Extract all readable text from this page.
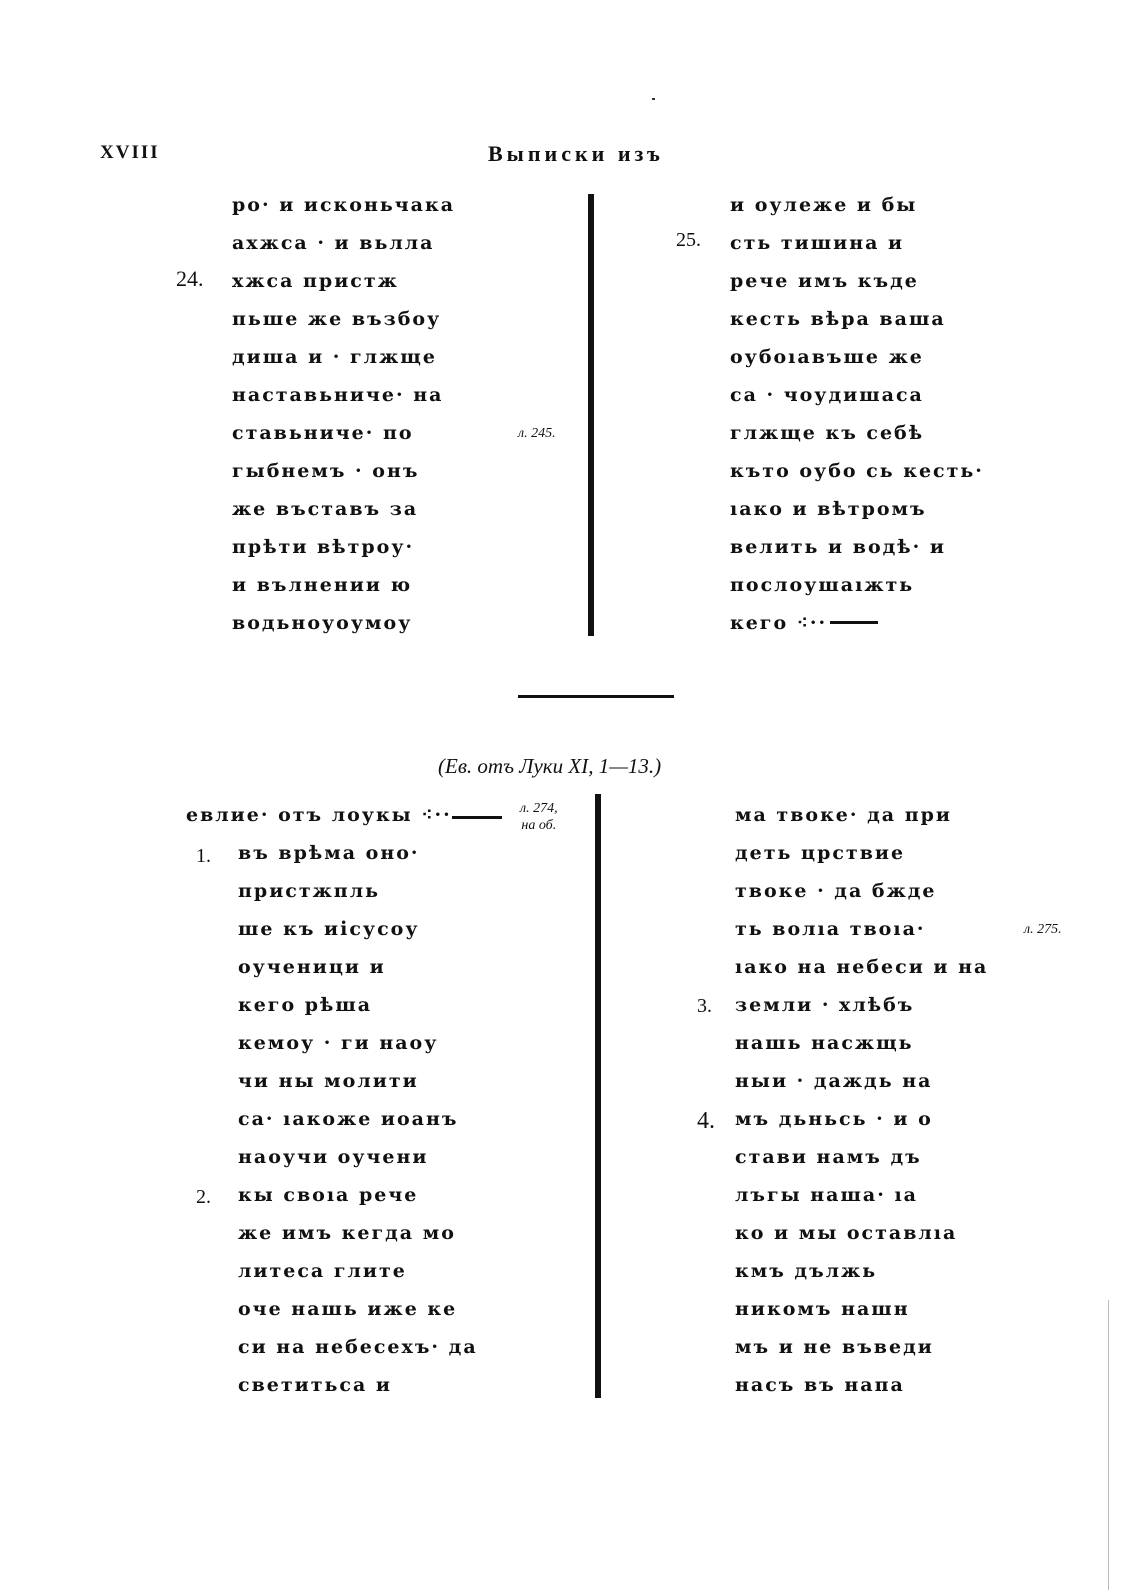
XVIII	Выписки изъ
24.
25.
л. 245.
ро· и исконьчака
ахжса · и вьлла
хжса пристж
пьше же възбоу
диша и · глжще
наставьниче· на
ставьниче· по
гыбнемъ · онъ
же въставъ за
прѣти вѣтроу·
и вълнении ю
водьноуоумоу
и оулеже и бы
сть тишина и
рече имъ къде
кесть вѣра ваша
оубоıавъше же
са · чоудишаса
глжще къ себѣ
къто оубо сь кесть·
ıако и вѣтромъ
велить и водѣ· и
послоушаıжть
кего ⁖··
(Ев. отъ Луки XI, 1—13.)
л. 274,
на об.
л. 275.
1.
2.
3.
4.
евлие· отъ лоукы ⁖··
въ врѣма оно·
приcтжпль
ше къ иісусоу
оученици и
кего рѣша
кемоу · ги наоу
чи ны молити
са· ıакоже иоанъ
наоучи оучени
кы своıа рече
же имъ кегда мо
литеса глите
оче нашь иже ке
си на небесехъ· да
светитьса и
ма твоке· да при
деть црствие
твоке · да бждe
ть волıа твоıа·
ıако на небеси и на
земли · хлѣбъ
нашь насжщь
ныи · даждь на
мъ дьньсь · и о
стави намъ дъ
лъгы наша· ıа
ко и мы оставлıа
кмъ дължь
никомъ нашн
мъ и не въведи
насъ въ напа
